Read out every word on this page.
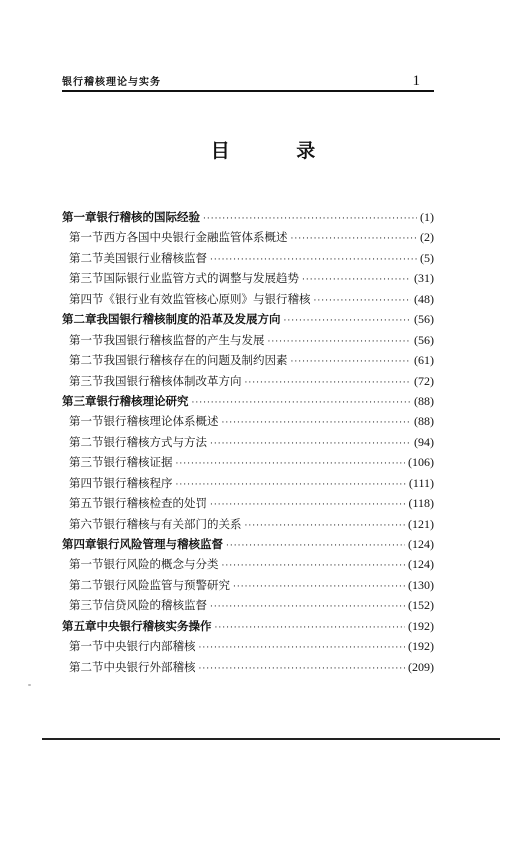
银行稽核理论与实务	1
目 录
第一章 银行稽核的国际经验 ·····	(1)
第一节 西方各国中央银行金融监管体系概述 ·····	(2)
第二节 美国银行业稽核监督 ·····	(5)
第三节 国际银行业监管方式的调整与发展趋势 ·····	(31)
第四节 《银行业有效监管核心原则》与银行稽核 ·····	(48)
第二章 我国银行稽核制度的沿革及发展方向 ·····	(56)
第一节 我国银行稽核监督的产生与发展 ·····	(56)
第二节 我国银行稽核存在的问题及制约因素 ·····	(61)
第三节 我国银行稽核体制改革方向 ·····	(72)
第三章 银行稽核理论研究 ·····	(88)
第一节 银行稽核理论体系概述 ·····	(88)
第二节 银行稽核方式与方法 ·····	(94)
第三节 银行稽核证据 ·····	(106)
第四节 银行稽核程序 ·····	(111)
第五节 银行稽核检查的处罚 ·····	(118)
第六节 银行稽核与有关部门的关系 ·····	(121)
第四章 银行风险管理与稽核监督 ·····	(124)
第一节 银行风险的概念与分类 ·····	(124)
第二节 银行风险监管与预警研究 ·····	(130)
第三节 信贷风险的稽核监督 ·····	(152)
第五章 中央银行稽核实务操作 ·····	(192)
第一节 中央银行内部稽核 ·····	(192)
第二节 中央银行外部稽核 ·····	(209)
